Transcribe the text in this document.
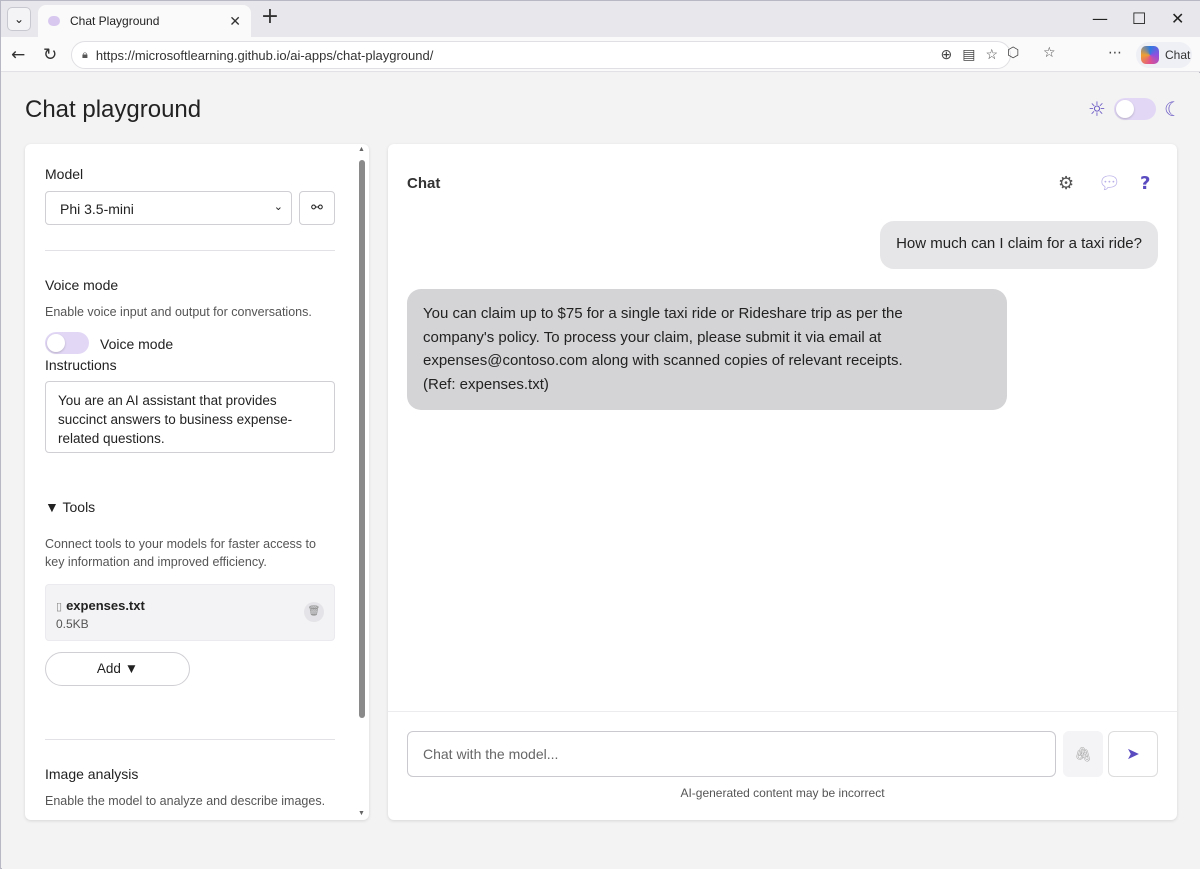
⌄	Chat Playground	✕ +	— ☐ ✕
← ↻ 🔒︎ https://microsoftlearning.github.io/ai-apps/chat-playground/	⊕ ▤ ☆ ⬡ ☆	⋯	Chat
Chat playground	☼	☾
▲
▼
Model
Phi 3.5-mini	⌄	⚯
Voice mode
Enable voice input and output for conversations.
Voice mode
Instructions
You are an AI assistant that provides succinct answers to business expense-related questions.
▼ Tools
Connect tools to your models for faster access to key information and improved efficiency.
▯ expenses.txt
0.5KB
🗑︎
Add ▼
Image analysis
Enable the model to analyze and describe images.
Chat	⚙ 💬︎ ?
How much can I claim for a taxi ride?
You can claim up to $75 for a single taxi ride or Rideshare trip as per the
company's policy. To process your claim, please submit it via email at
expenses@contoso.com along with scanned copies of relevant receipts.
(Ref: expenses.txt)
Chat with the model...	🖇︎	➤
AI-generated content may be incorrect
